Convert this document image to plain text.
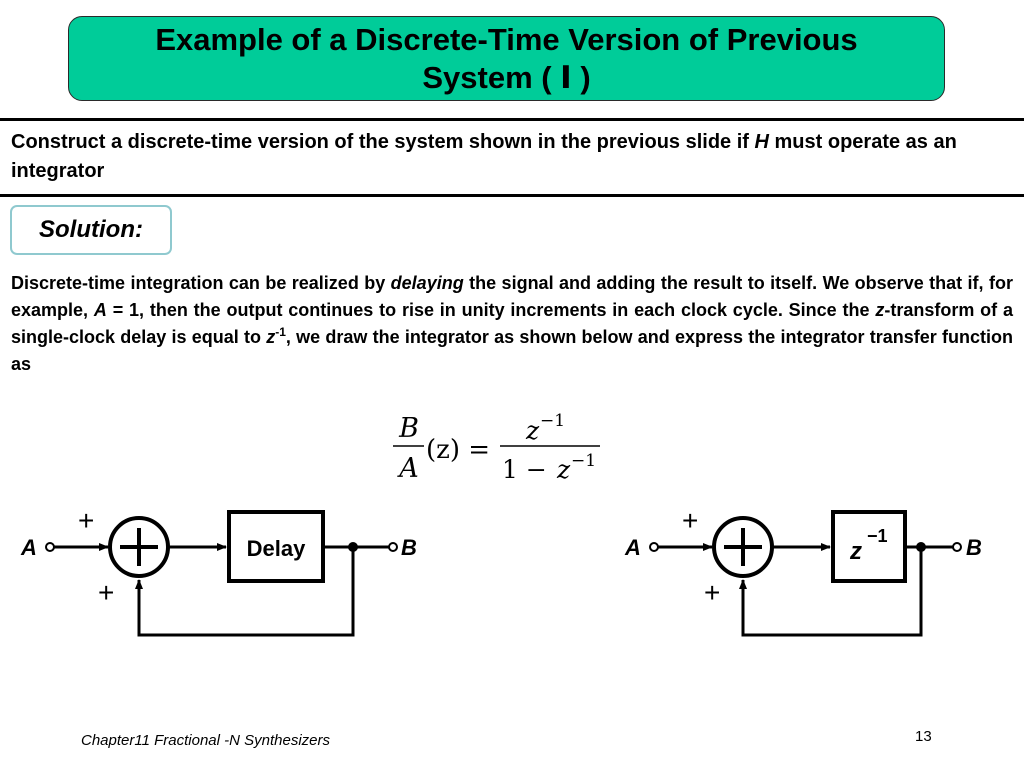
Example of a Discrete-Time Version of Previous System ( Ⅰ )
Construct a discrete-time version of the system shown in the previous slide if H must operate as an integrator
Solution:
Discrete-time integration can be realized by delaying the signal and adding the result to itself. We observe that if, for example, A = 1, then the output continues to rise in unity increments in each clock cycle. Since the z-transform of a single-clock delay is equal to $z^{-1}$, we draw the integrator as shown below and express the integrator transfer function as
B
A
(z) =
z −1
1 − z −1
A
+
Delay	B
+
A
+
z
−1	B
+
Chapter11 Fractional -N Synthesizers	13
